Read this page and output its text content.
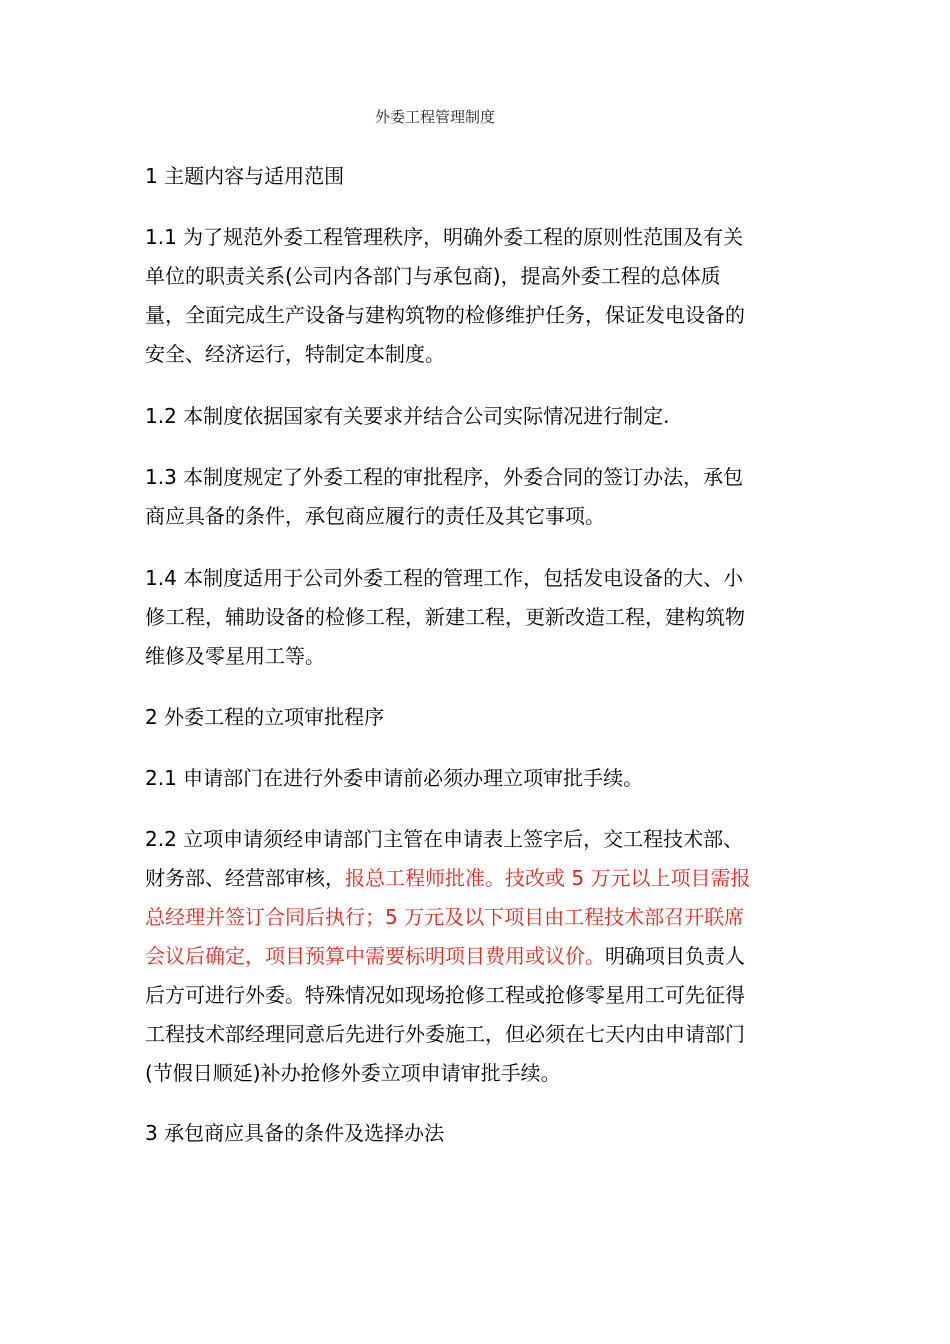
外委工程管理制度
1 主题内容与适用范围
1.1 为了规范外委工程管理秩序，明确外委工程的原则性范围及有关
单位的职责关系(公司内各部门与承包商)，提高外委工程的总体质
量，全面完成生产设备与建构筑物的检修维护任务，保证发电设备的
安全、经济运行，特制定本制度。
1.2 本制度依据国家有关要求并结合公司实际情况进行制定.
1.3 本制度规定了外委工程的审批程序，外委合同的签订办法，承包
商应具备的条件，承包商应履行的责任及其它事项。
1.4 本制度适用于公司外委工程的管理工作，包括发电设备的大、小
修工程，辅助设备的检修工程，新建工程，更新改造工程，建构筑物
维修及零星用工等。
2 外委工程的立项审批程序
2.1 申请部门在进行外委申请前必须办理立项审批手续。
2.2 立项申请须经申请部门主管在申请表上签字后，交工程技术部、
财务部、经营部审核，报总工程师批准。技改或 5 万元以上项目需报
总经理并签订合同后执行；5 万元及以下项目由工程技术部召开联席
会议后确定，项目预算中需要标明项目费用或议价。明确项目负责人
后方可进行外委。特殊情况如现场抢修工程或抢修零星用工可先征得
工程技术部经理同意后先进行外委施工，但必须在七天内由申请部门
(节假日顺延)补办抢修外委立项申请审批手续。
3 承包商应具备的条件及选择办法
